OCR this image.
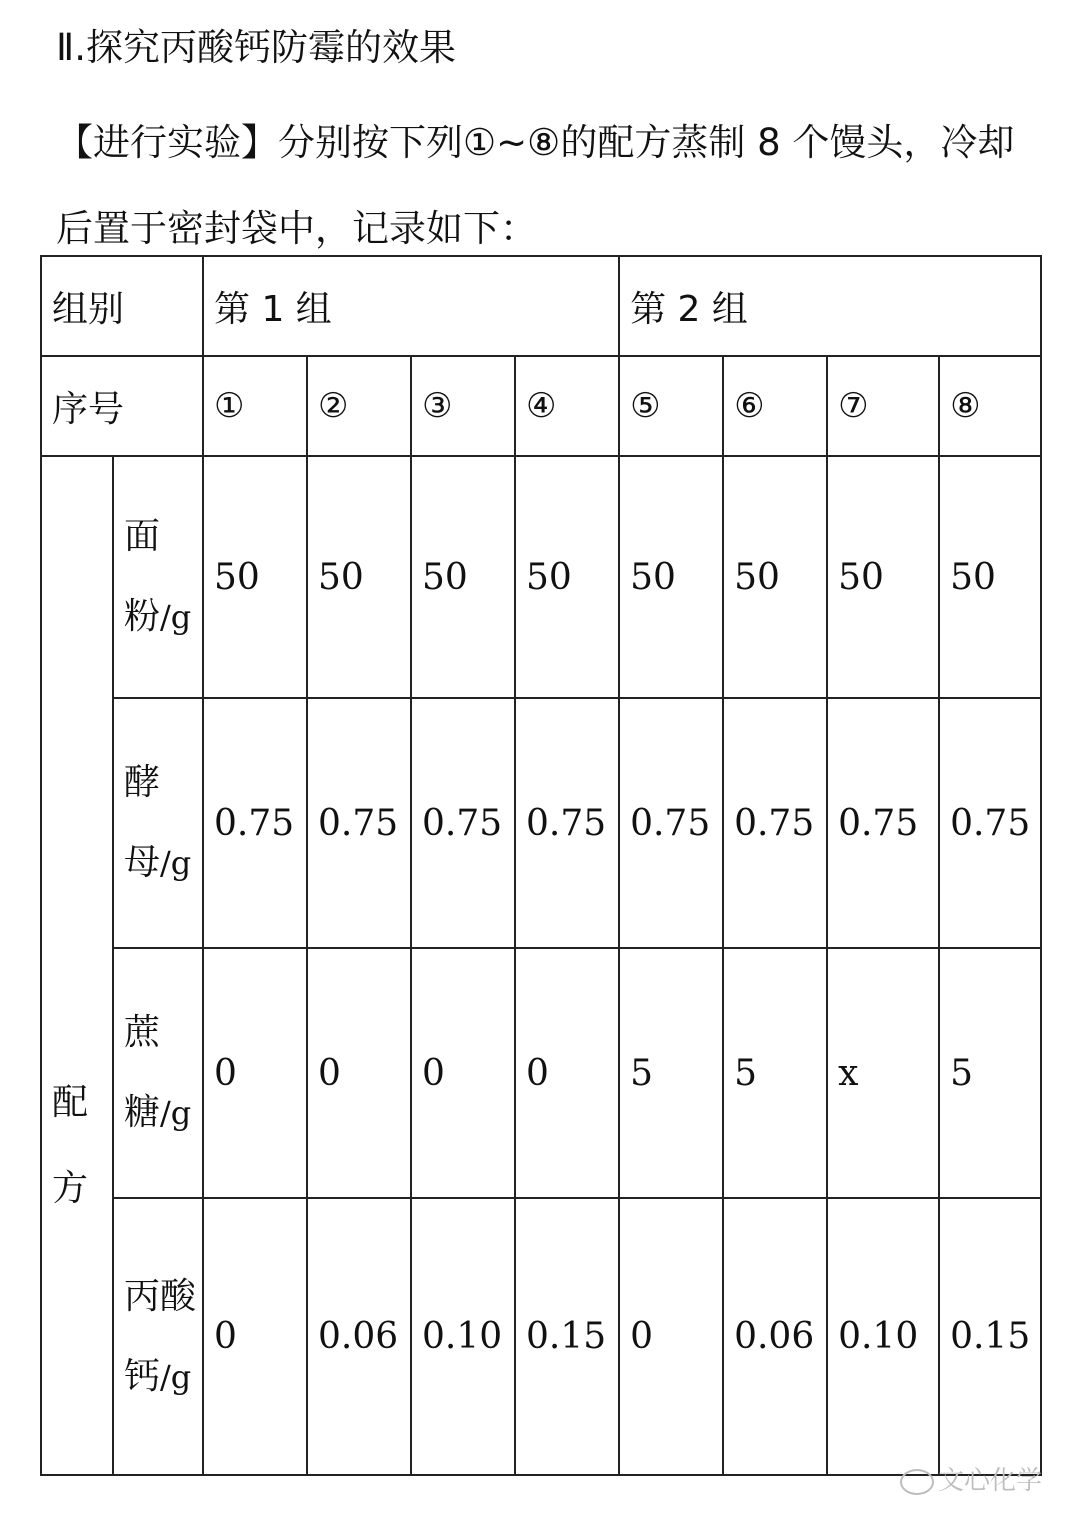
Ⅱ.探究丙酸钙防霉的效果
【进行实验】分别按下列①~⑧的配方蒸制 8 个馒头，冷却后置于密封袋中，记录如下：
组别		第 1 组				第 2 组			
序号		①	②	③	④	⑤	⑥	⑦	⑧
配方	面粉/g	50	50	50	50	50	50	50	50
	酵母/g	0.75	0.75	0.75	0.75	0.75	0.75	0.75	0.75
	蔗糖/g	0	0	0	0	5	5	x	5
	丙酸钙/g	0	0.06	0.10	0.15	0	0.06	0.10	0.15
文心化学
